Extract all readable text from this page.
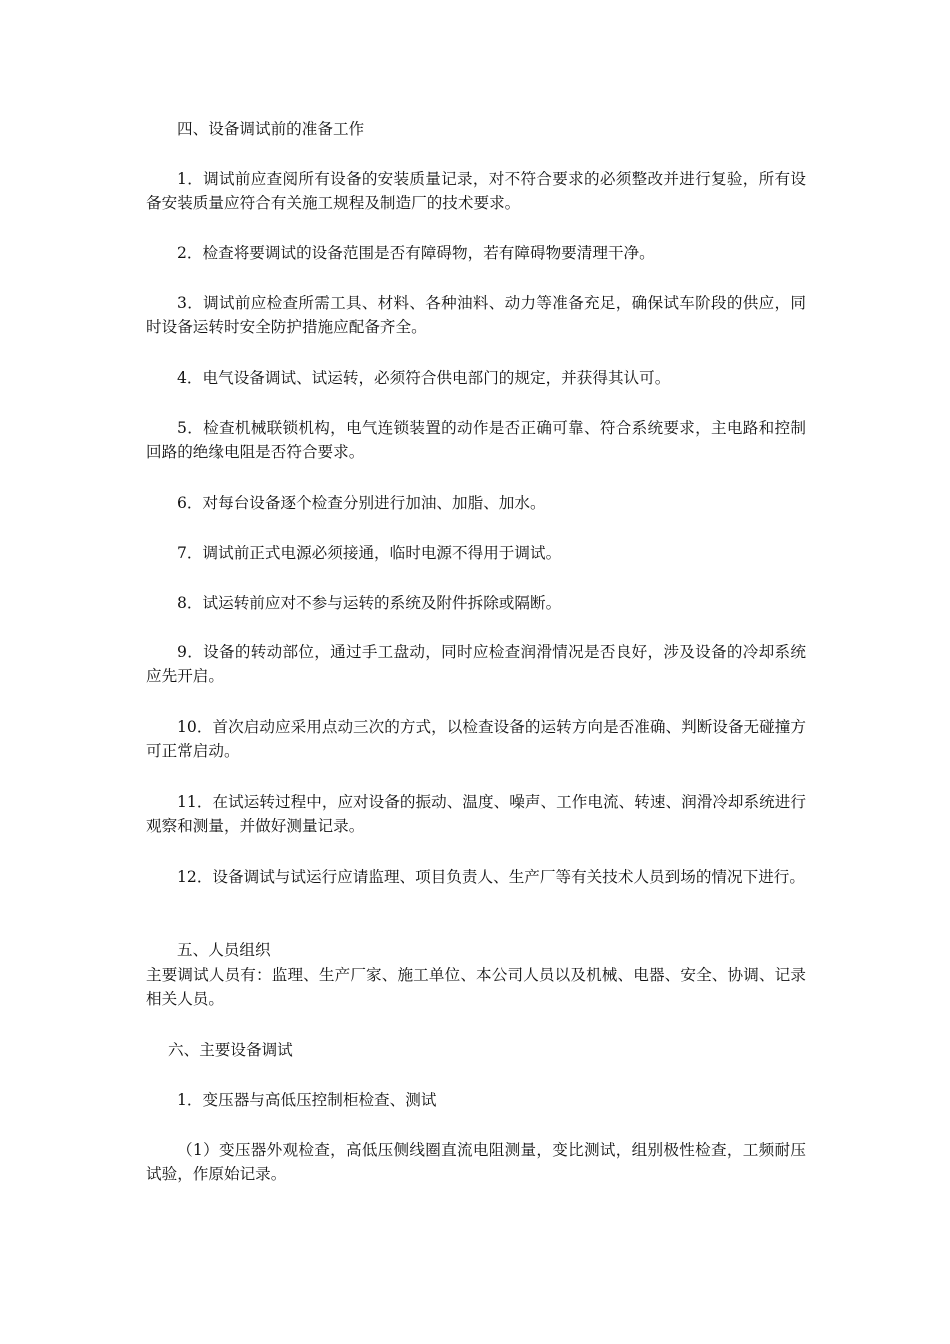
四、设备调试前的准备工作

1．调试前应查阅所有设备的安装质量记录，对不符合要求的必须整改并进行复验，所有设备安装质量应符合有关施工规程及制造厂的技术要求。

2．检查将要调试的设备范围是否有障碍物，若有障碍物要清理干净。

3．调试前应检查所需工具、材料、各种油料、动力等准备充足，确保试车阶段的供应，同时设备运转时安全防护措施应配备齐全。

4．电气设备调试、试运转，必须符合供电部门的规定，并获得其认可。

5．检查机械联锁机构，电气连锁装置的动作是否正确可靠、符合系统要求，主电路和控制回路的绝缘电阻是否符合要求。

6．对每台设备逐个检查分别进行加油、加脂、加水。

7．调试前正式电源必须接通，临时电源不得用于调试。

8．试运转前应对不参与运转的系统及附件拆除或隔断。

9．设备的转动部位，通过手工盘动，同时应检查润滑情况是否良好，涉及设备的冷却系统应先开启。

10．首次启动应采用点动三次的方式，以检查设备的运转方向是否准确、判断设备无碰撞方可正常启动。

11．在试运转过程中，应对设备的振动、温度、噪声、工作电流、转速、润滑冷却系统进行观察和测量，并做好测量记录。

12．设备调试与试运行应请监理、项目负责人、生产厂等有关技术人员到场的情况下进行。

五、人员组织

主要调试人员有：监理、生产厂家、施工单位、本公司人员以及机械、电器、安全、协调、记录相关人员。

六、主要设备调试

1．变压器与高低压控制柜检查、测试

（1）变压器外观检查，高低压侧线圈直流电阻测量，变比测试，组别极性检查，工频耐压试验，作原始记录。
